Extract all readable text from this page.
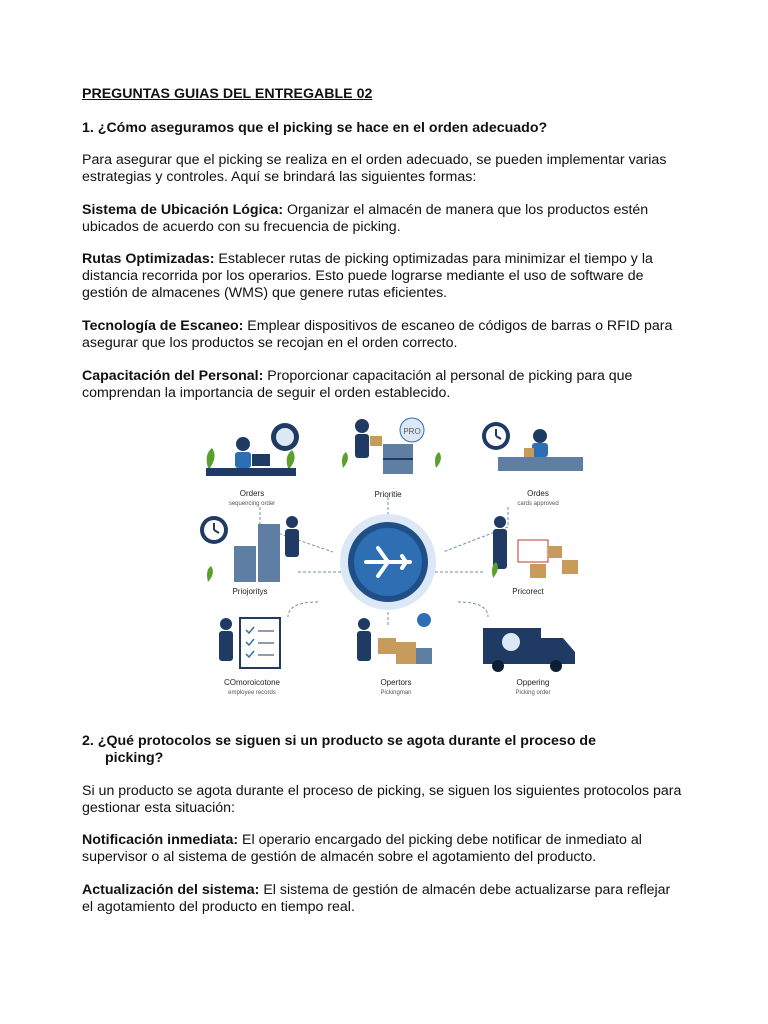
PREGUNTAS GUIAS DEL ENTREGABLE 02
1. ¿Cómo aseguramos que el picking se hace en el orden adecuado?
Para asegurar que el picking se realiza en el orden adecuado, se pueden implementar varias estrategias y controles. Aquí se brindará las siguientes formas:
Sistema de Ubicación Lógica: Organizar el almacén de manera que los productos estén ubicados de acuerdo con su frecuencia de picking.
Rutas Optimizadas: Establecer rutas de picking optimizadas para minimizar el tiempo y la distancia recorrida por los operarios. Esto puede lograrse mediante el uso de software de gestión de almacenes (WMS) que genere rutas eficientes.
Tecnología de Escaneo: Emplear dispositivos de escaneo de códigos de barras o RFID para asegurar que los productos se recojan en el orden correcto.
Capacitación del Personal: Proporcionar capacitación al personal de picking para que comprendan la importancia de seguir el orden establecido.
2. ¿Qué protocolos se siguen si un producto se agota durante el proceso de
picking?
Si un producto se agota durante el proceso de picking, se siguen los siguientes protocolos para gestionar esta situación:
Notificación inmediata: El operario encargado del picking debe notificar de inmediato al supervisor o al sistema de gestión de almacén sobre el agotamiento del producto.
Actualización del sistema: El sistema de gestión de almacén debe actualizarse para reflejar el agotamiento del producto en tiempo real.
PRO
Orders
sequencing order
Prioritie	Ordes
cards approved
Priojoritys	Pricorect
COmoroicotone
employee records
Opertors
Pickingman
Oppering
Picking order
